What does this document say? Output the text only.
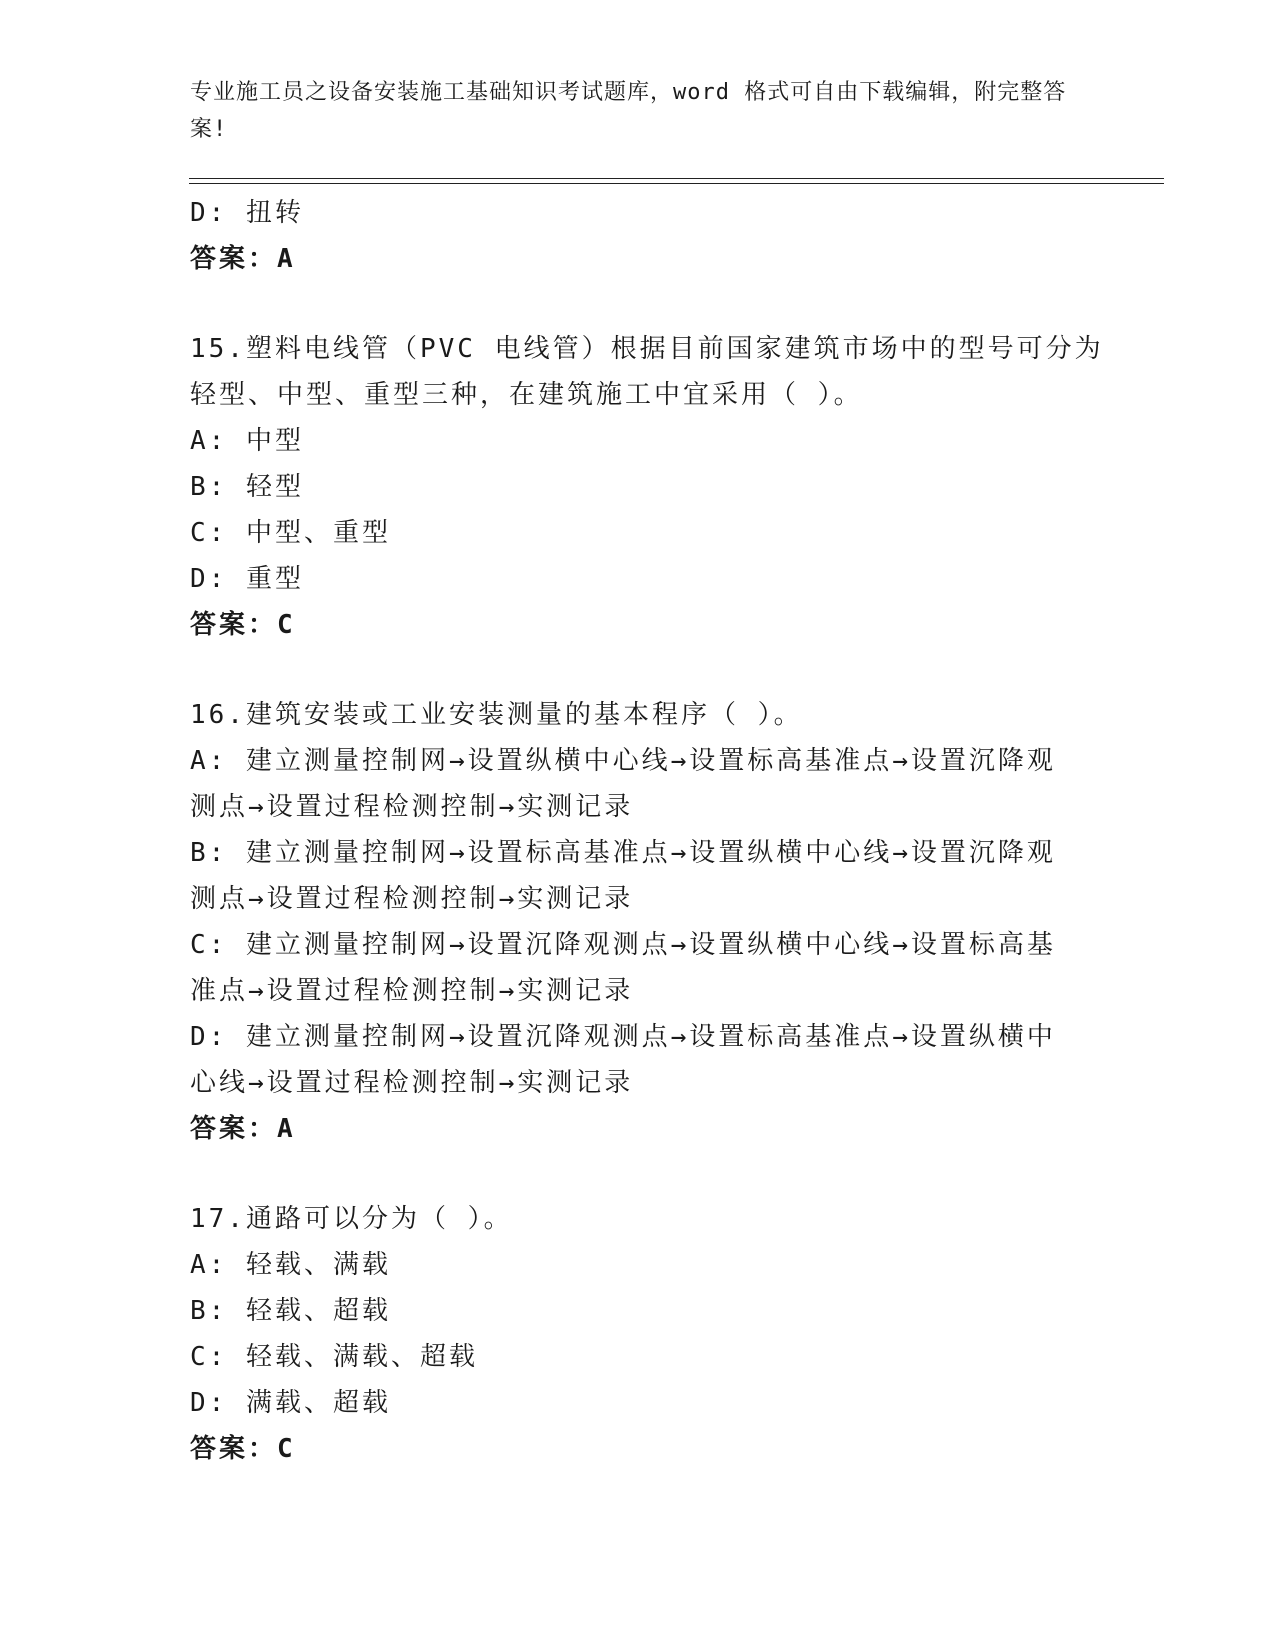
专业施工员之设备安装施工基础知识考试题库，word 格式可自由下载编辑，附完整答案!
D: 扭转
答案：A
15.塑料电线管（PVC 电线管）根据目前国家建筑市场中的型号可分为
轻型、中型、重型三种，在建筑施工中宜采用（ ）。
A: 中型
B: 轻型
C: 中型、重型
D: 重型
答案：C
16.建筑安装或工业安装测量的基本程序（ ）。
A: 建立测量控制网→设置纵横中心线→设置标高基准点→设置沉降观
测点→设置过程检测控制→实测记录
B: 建立测量控制网→设置标高基准点→设置纵横中心线→设置沉降观
测点→设置过程检测控制→实测记录
C: 建立测量控制网→设置沉降观测点→设置纵横中心线→设置标高基
准点→设置过程检测控制→实测记录
D: 建立测量控制网→设置沉降观测点→设置标高基准点→设置纵横中
心线→设置过程检测控制→实测记录
答案：A
17.通路可以分为（ ）。
A: 轻载、满载
B: 轻载、超载
C: 轻载、满载、超载
D: 满载、超载
答案：C
